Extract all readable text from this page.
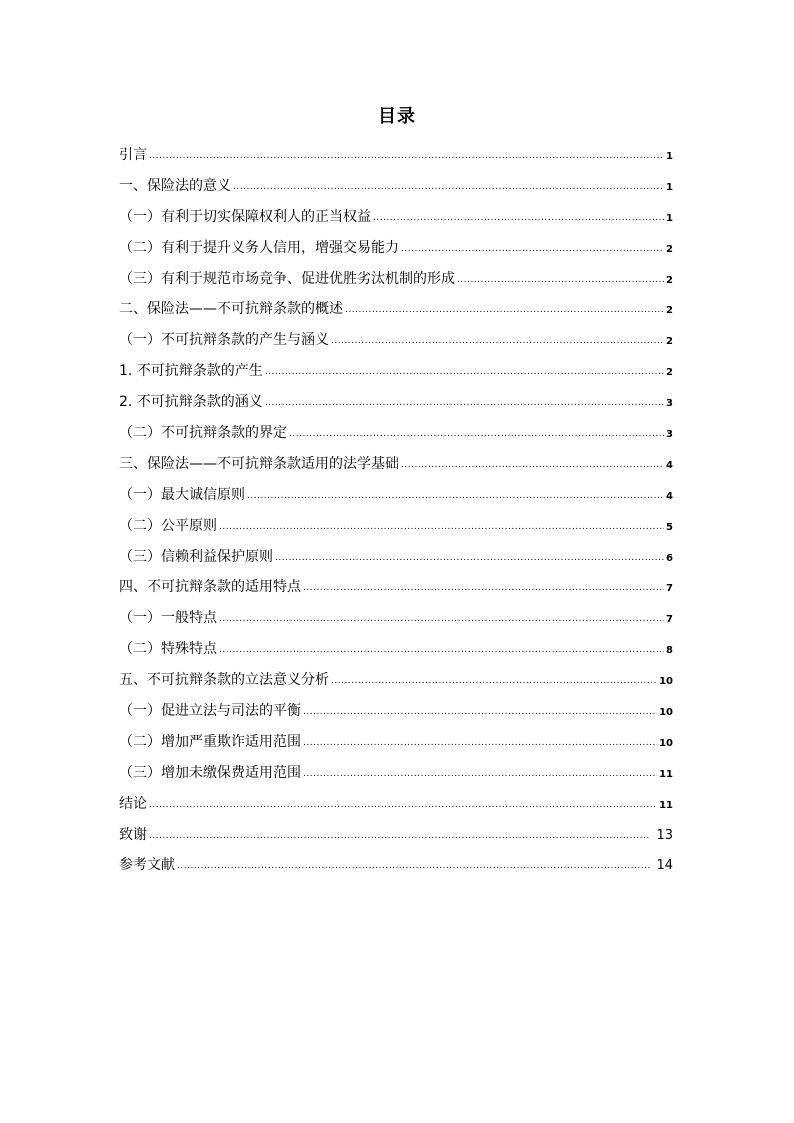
目录
引言 .....	1
一、保险法的意义 .....	1
（一）有利于切实保障权利人的正当权益 .....	1
（二）有利于提升义务人信用，增强交易能力 .....	2
（三）有利于规范市场竞争、促进优胜劣汰机制的形成 .....	2
二、保险法——不可抗辩条款的概述 .....	2
（一）不可抗辩条款的产生与涵义 .....	2
1. 不可抗辩条款的产生 .....	2
2. 不可抗辩条款的涵义 .....	3
（二）不可抗辩条款的界定 .....	3
三、保险法——不可抗辩条款适用的法学基础 .....	4
（一）最大诚信原则 .....	4
（二）公平原则 .....	5
（三）信赖利益保护原则 .....	6
四、不可抗辩条款的适用特点 .....	7
（一）一般特点 .....	7
（二）特殊特点 .....	8
五、不可抗辩条款的立法意义分析 .....	10
（一）促进立法与司法的平衡 .....	10
（二）增加严重欺诈适用范围 .....	10
（三）增加未缴保费适用范围 .....	11
结论 .....	11
致谢 .....	13
参考文献 .....	14
